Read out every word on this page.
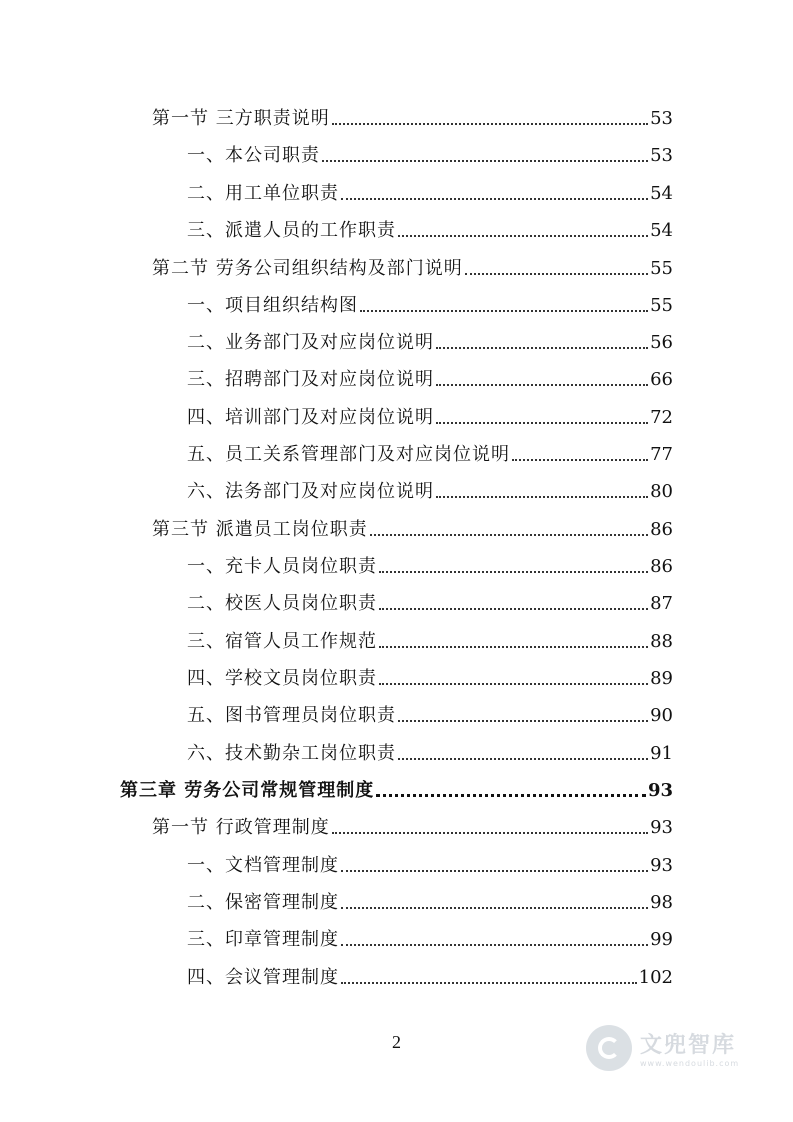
第一节 三方职责说明	53
一、本公司职责	53
二、用工单位职责	54
三、派遣人员的工作职责	54
第二节 劳务公司组织结构及部门说明	55
一、项目组织结构图	55
二、业务部门及对应岗位说明	56
三、招聘部门及对应岗位说明	66
四、培训部门及对应岗位说明	72
五、员工关系管理部门及对应岗位说明	77
六、法务部门及对应岗位说明	80
第三节 派遣员工岗位职责	86
一、充卡人员岗位职责	86
二、校医人员岗位职责	87
三、宿管人员工作规范	88
四、学校文员岗位职责	89
五、图书管理员岗位职责	90
六、技术勤杂工岗位职责	91
第三章 劳务公司常规管理制度	93
第一节 行政管理制度	93
一、文档管理制度	93
二、保密管理制度	98
三、印章管理制度	99
四、会议管理制度	102
2	文兜智库
www.wendoulib.com
